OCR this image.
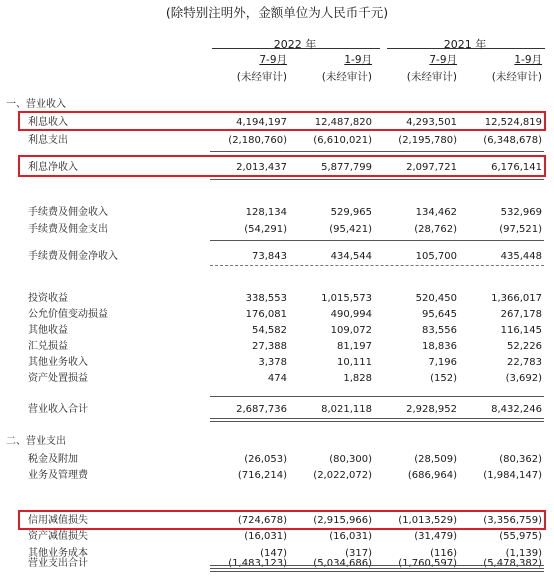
(除特别注明外，金额单位为人民币千元)
2022 年	2021 年
7-9月	1-9月	7-9月	1-9月
(未经审计)	(未经审计)	(未经审计)	(未经审计)
一、营业收入
利息收入	4,194,197	12,487,820	4,293,501	12,524,819
利息支出	(2,180,760)	(6,610,021)	(2,195,780)	(6,348,678)
利息净收入	2,013,437	5,877,799	2,097,721	6,176,141
手续费及佣金收入	128,134	529,965	134,462	532,969
手续费及佣金支出	(54,291)	(95,421)	(28,762)	(97,521)
手续费及佣金净收入	73,843	434,544	105,700	435,448
投资收益	338,553	1,015,573	520,450	1,366,017
公允价值变动损益	176,081	490,994	95,645	267,178
其他收益	54,582	109,072	83,556	116,145
汇兑损益	27,388	81,197	18,836	52,226
其他业务收入	3,378	10,111	7,196	22,783
资产处置损益	474	1,828	(152)	(3,692)
营业收入合计	2,687,736	8,021,118	2,928,952	8,432,246
二、营业支出
税金及附加	(26,053)	(80,300)	(28,509)	(80,362)
业务及管理费	(716,214)	(2,022,072)	(686,964)	(1,984,147)
信用减值损失	(724,678)	(2,915,966)	(1,013,529)	(3,356,759)
资产减值损失	(16,031)	(16,031)	(31,479)	(55,975)
其他业务成本	(147)	(317)	(116)	(1,139)
营业支出合计	(1,483,123)	(5,034,686)	(1,760,597)	(5,478,382)
